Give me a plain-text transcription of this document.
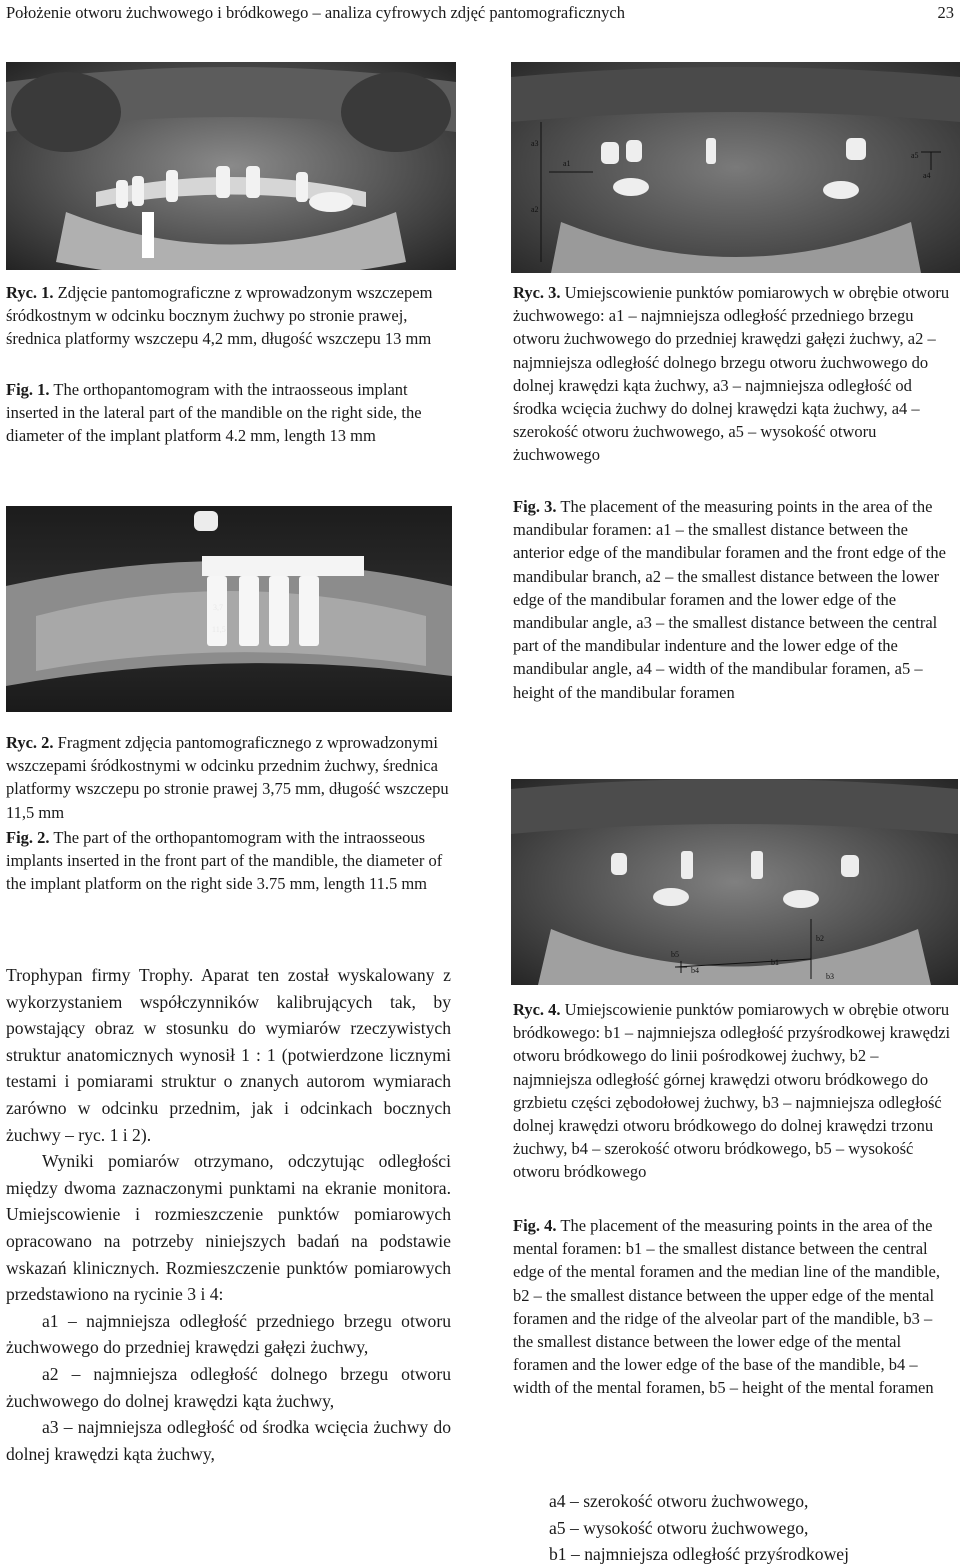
Położenie otworu żuchwowego i bródkowego – analiza cyfrowych zdjęć pantomograficznych	23

Ryc. 1. Zdjęcie pantomograficzne z wprowadzonym wszczepem śródkostnym w odcinku bocznym żuchwy po stronie prawej, średnica platformy wszczepu 4,2 mm, długość wszczepu 13 mm

Fig. 1. The orthopantomogram with the intraosseous implant inserted in the lateral part of the mandible on the right side, the diameter of the implant platform 4.2 mm, length 13 mm

3,7
11,5

Ryc. 2. Fragment zdjęcia pantomograficznego z wprowadzonymi wszczepami śródkostnymi w odcinku przednim żuchwy, średnica platformy wszczepu po stronie prawej 3,75 mm, długość wszczepu 11,5 mm

Fig. 2. The part of the orthopantomogram with the intraosseous implants inserted in the front part of the mandible, the diameter of the implant platform on the right side 3.75 mm, length 11.5 mm

Trophypan firmy Trophy. Aparat ten został wyskalowany z wykorzystaniem współczynników kalibrujących tak, by powstający obraz w stosunku do wymiarów rzeczywistych struktur anatomicznych wynosił 1 : 1 (potwierdzone licznymi testami i pomiarami struktur o znanych autorom wymiarach zarówno w odcinku przednim, jak i odcinkach bocznych żuchwy – ryc. 1 i 2).

Wyniki pomiarów otrzymano, odczytując odległości między dwoma zaznaczonymi punktami na ekranie monitora. Umiejscowienie i rozmieszczenie punktów pomiarowych opracowano na potrzeby niniejszych badań na podstawie wskazań klinicznych. Rozmieszczenie punktów pomiarowych przedstawiono na rycinie 3 i 4:

a1 – najmniejsza odległość przedniego brzegu otworu żuchwowego do przedniej krawędzi gałęzi żuchwy,

a2 – najmniejsza odległość dolnego brzegu otworu żuchwowego do dolnej krawędzi kąta żuchwy,

a3 – najmniejsza odległość od środka wcięcia żuchwy do dolnej krawędzi kąta żuchwy,

a3
a1
a2
a5
a4

Ryc. 3. Umiejscowienie punktów pomiarowych w obrębie otworu żuchwowego: a1 – najmniejsza odległość przedniego brzegu otworu żuchwowego do przedniej krawędzi gałęzi żuchwy, a2 – najmniejsza odległość dolnego brzegu otworu żuchwowego do dolnej krawędzi kąta żuchwy, a3 – najmniejsza odległość od środka wcięcia żuchwy do dolnej krawędzi kąta żuchwy, a4 – szerokość otworu żuchwowego, a5 – wysokość otworu żuchwowego

Fig. 3. The placement of the measuring points in the area of the mandibular foramen: a1 – the smallest distance between the anterior edge of the mandibular foramen and the front edge of the mandibular branch, a2 – the smallest distance between the lower edge of the mandibular foramen and the lower edge of the mandibular angle, a3 – the smallest distance between the central part of the mandibular indenture and the lower edge of the mandibular angle, a4 – width of the mandibular foramen, a5 – height of the mandibular foramen

b5
b4
b1
b2
b3

Ryc. 4. Umiejscowienie punktów pomiarowych w obrębie otworu bródkowego: b1 – najmniejsza odległość przyśrodkowej krawędzi otworu bródkowego do linii pośrodkowej żuchwy, b2 – najmniejsza odległość górnej krawędzi otworu bródkowego do grzbietu części zębodołowej żuchwy, b3 – najmniejsza odległość dolnej krawędzi otworu bródkowego do dolnej krawędzi trzonu żuchwy, b4 – szerokość otworu bródkowego, b5 – wysokość otworu bródkowego

Fig. 4. The placement of the measuring points in the area of the mental foramen: b1 – the smallest distance between the central edge of the mental foramen and the median line of the mandible, b2 – the smallest distance between the upper edge of the mental foramen and the ridge of the alveolar part of the mandible, b3 – the smallest distance between the lower edge of the mental foramen and the lower edge of the base of the mandible, b4 – width of the mental foramen, b5 – height of the mental foramen

a4 – szerokość otworu żuchwowego,

a5 – wysokość otworu żuchwowego,

b1 – najmniejsza odległość przyśrodkowej
